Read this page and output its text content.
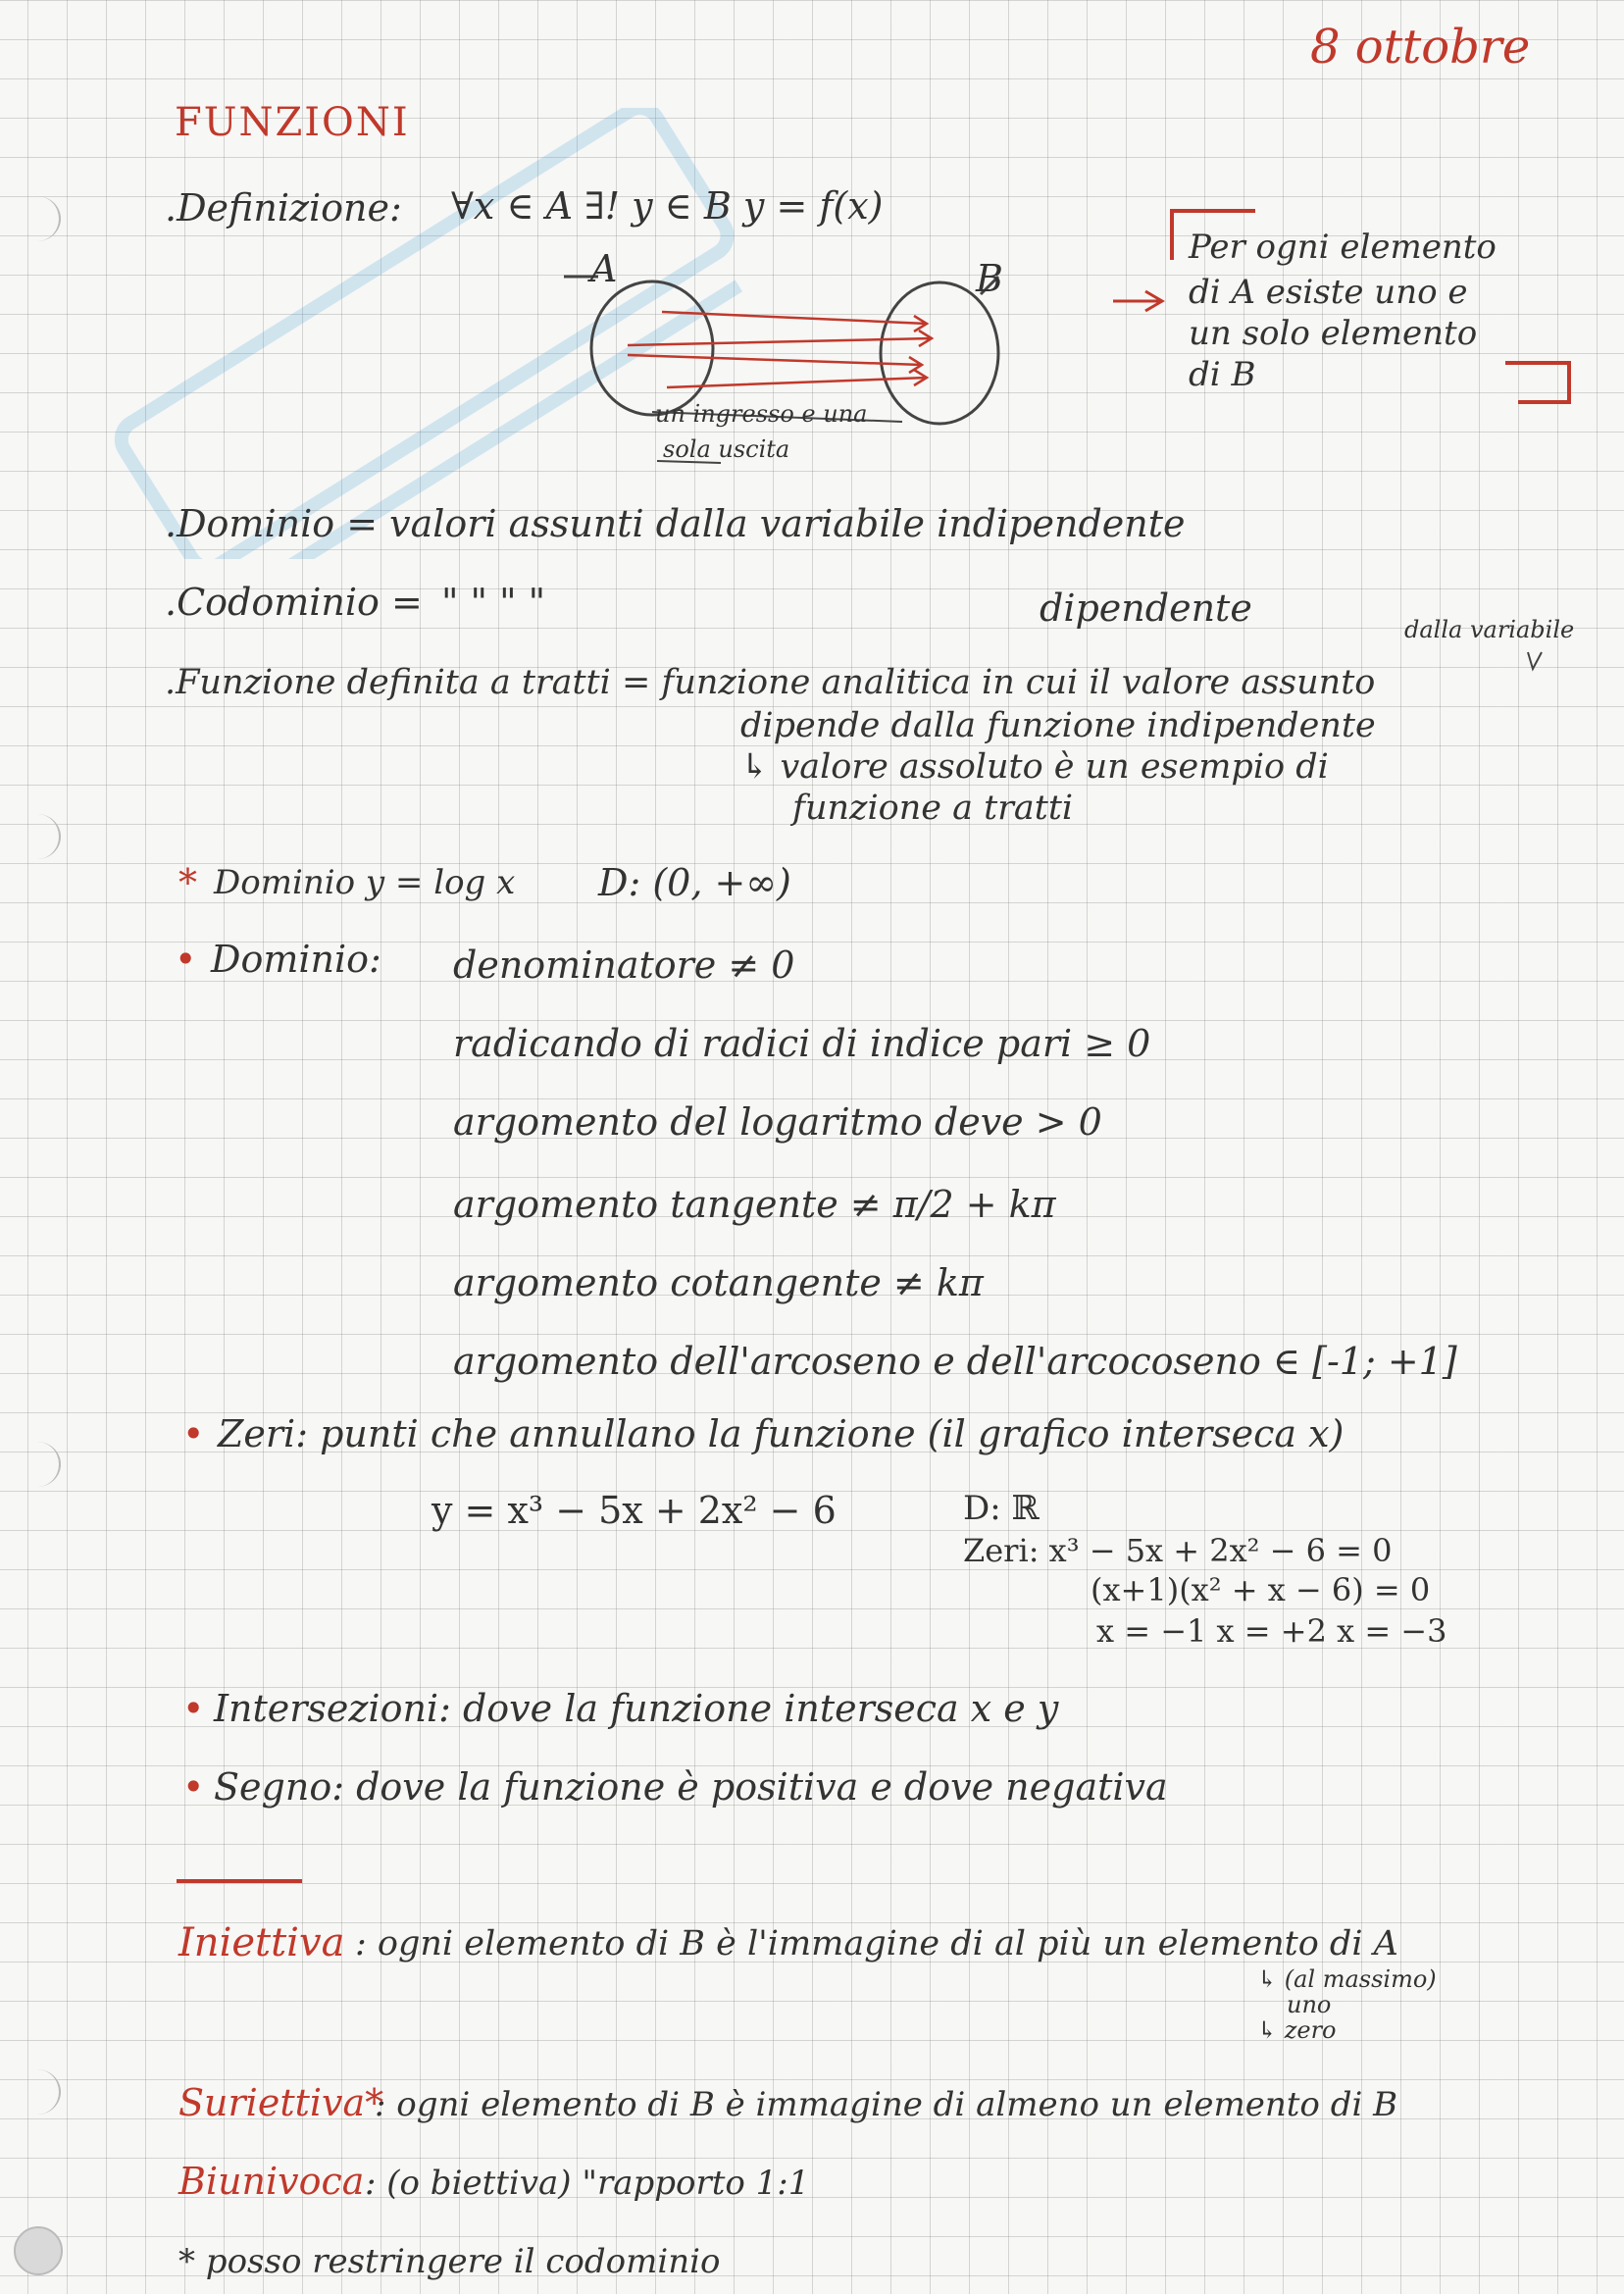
8 ottobre
FUNZIONI
.Definizione: ∀x ∈ A ∃! y ∈ B y = f(x)
A	B
un ingresso e una
sola uscita
Per ogni elemento
di A esiste uno e
un solo elemento
di B
.Dominio = valori assunti dalla variabile indipendente
.Codominio = " " " "	dipendente	dalla variabile
.Funzione definita a tratti = funzione analitica in cui il valore assunto
dipende dalla funzione indipendente
↳ valore assoluto è un esempio di
funzione a tratti
* Dominio y = log x D: (0, +∞)
• Dominio: denominatore ≠ 0
radicando di radici di indice pari ≥ 0
argomento del logaritmo deve > 0
argomento tangente ≠ π/2 + kπ
argomento cotangente ≠ kπ
argomento dell'arcoseno e dell'arcocoseno ∈ [-1; +1]
• Zeri: punti che annullano la funzione (il grafico interseca x)
y = x³ − 5x + 2x² − 6	D: ℝ
Zeri: x³ − 5x + 2x² − 6 = 0
(x+1)(x² + x − 6) = 0
x = −1 x = +2 x = −3
• Intersezioni: dove la funzione interseca x e y
• Segno: dove la funzione è positiva e dove negativa
Iniettiva : ogni elemento di B è l'immagine di al più un elemento di A
↳ (al massimo)
uno
↳ zero
Suriettiva*
: ogni elemento di B è immagine di almeno un elemento di B
Biunivoca : (o biettiva) "rapporto 1:1
* posso restringere il codominio
